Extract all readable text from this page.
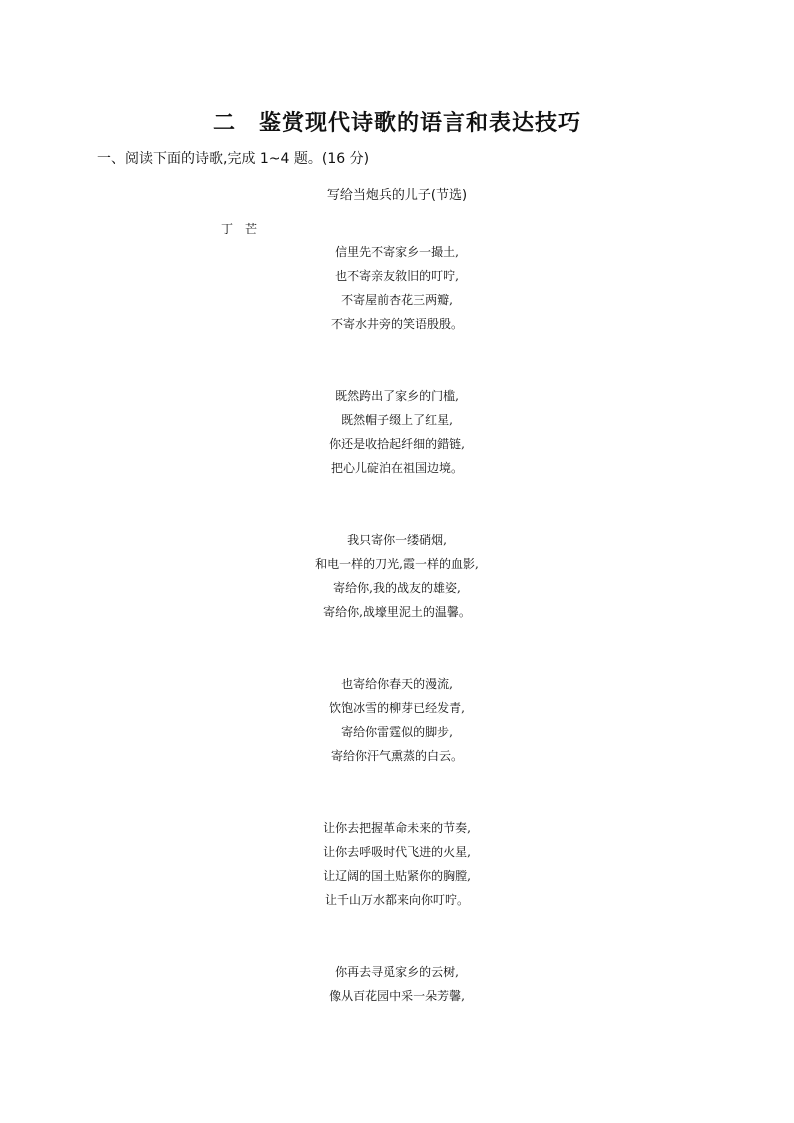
二　鉴赏现代诗歌的语言和表达技巧
一、阅读下面的诗歌,完成 1~4 题。(16 分)
写给当炮兵的儿子(节选)
丁　芒
信里先不寄家乡一撮土,
也不寄亲友敘旧的叮咛,
不寄屋前杏花三两瓣,
不寄水井旁的笑语殷殷。
既然跨出了家乡的门槛,
既然帽子缀上了红星,
你还是收拾起纤细的錯链,
把心儿碇泊在祖国边境。
我只寄你一缕硝烟,
和电一样的刀光,霞一样的血影,
寄给你,我的战友的雄姿,
寄给你,战壕里泥土的温馨。
也寄给你春天的漫流,
饮饱冰雪的柳芽已经发青,
寄给你雷霆似的脚步,
寄给你汗气熏蒸的白云。
让你去把握革命未来的节奏,
让你去呼吸时代飞进的火星,
让辽阔的国土贴紧你的胸膛,
让千山万水都来向你叮咛。
你再去寻觅家乡的云树,
像从百花园中采一朵芳馨,
